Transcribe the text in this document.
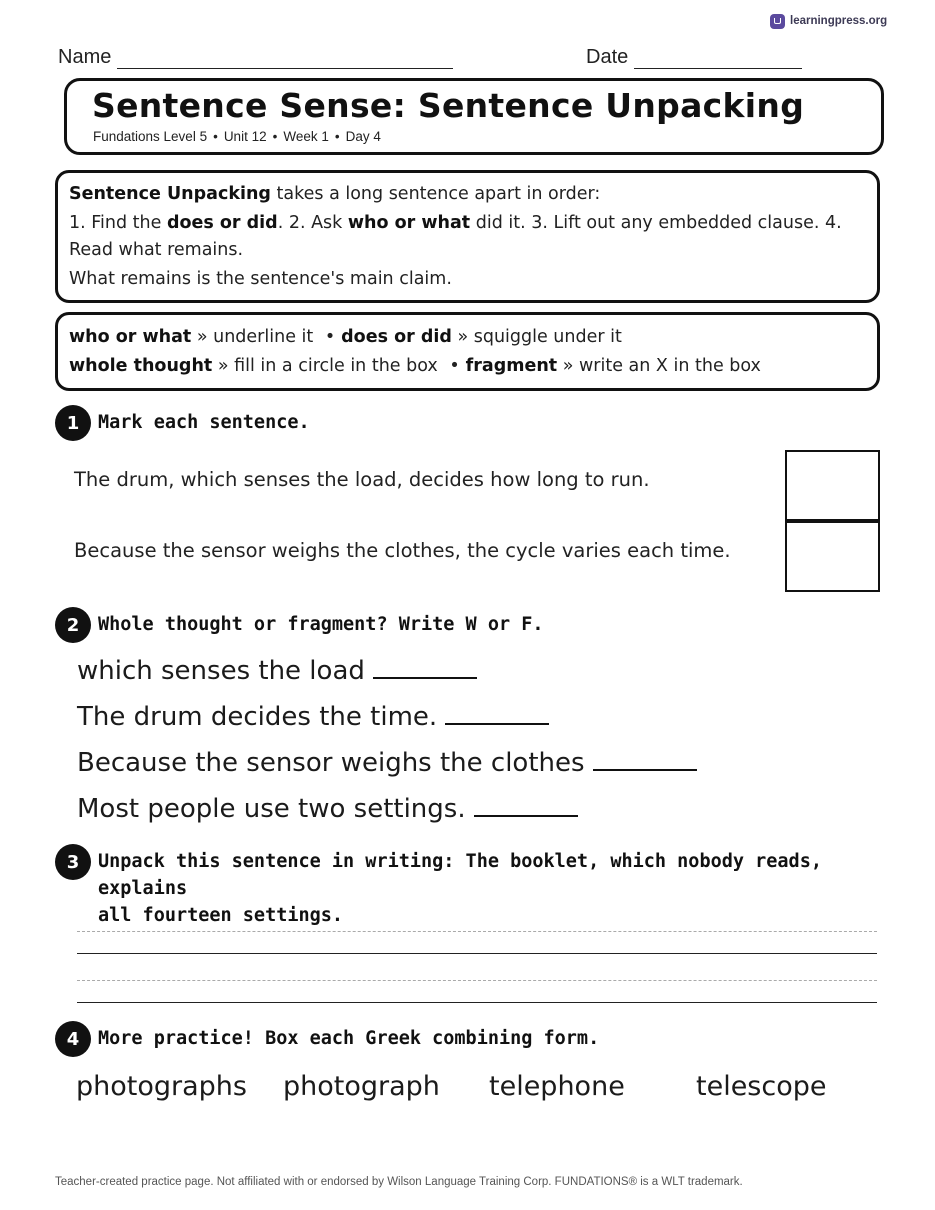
learningpress.org
Name	Date
Sentence Sense: Sentence Unpacking
Fundations Level 5 • Unit 12 • Week 1 • Day 4
Sentence Unpacking takes a long sentence apart in order:
1. Find the does or did. 2. Ask who or what did it. 3. Lift out any embedded clause. 4.
Read what remains.
What remains is the sentence's main claim.
who or what » underline it • does or did » squiggle under it
whole thought » fill in a circle in the box • fragment » write an X in the box
1	Mark each sentence.
The drum, which senses the load, decides how long to run.
Because the sensor weighs the clothes, the cycle varies each time.
2	Whole thought or fragment? Write W or F.
which senses the load
The drum decides the time.
Because the sensor weighs the clothes
Most people use two settings.
3	Unpack this sentence in writing: The booklet, which nobody reads, explains
all fourteen settings.
4	More practice! Box each Greek combining form.
photographs photograph telephone	telescope
Teacher-created practice page. Not affiliated with or endorsed by Wilson Language Training Corp. FUNDATIONS® is a WLT trademark.
